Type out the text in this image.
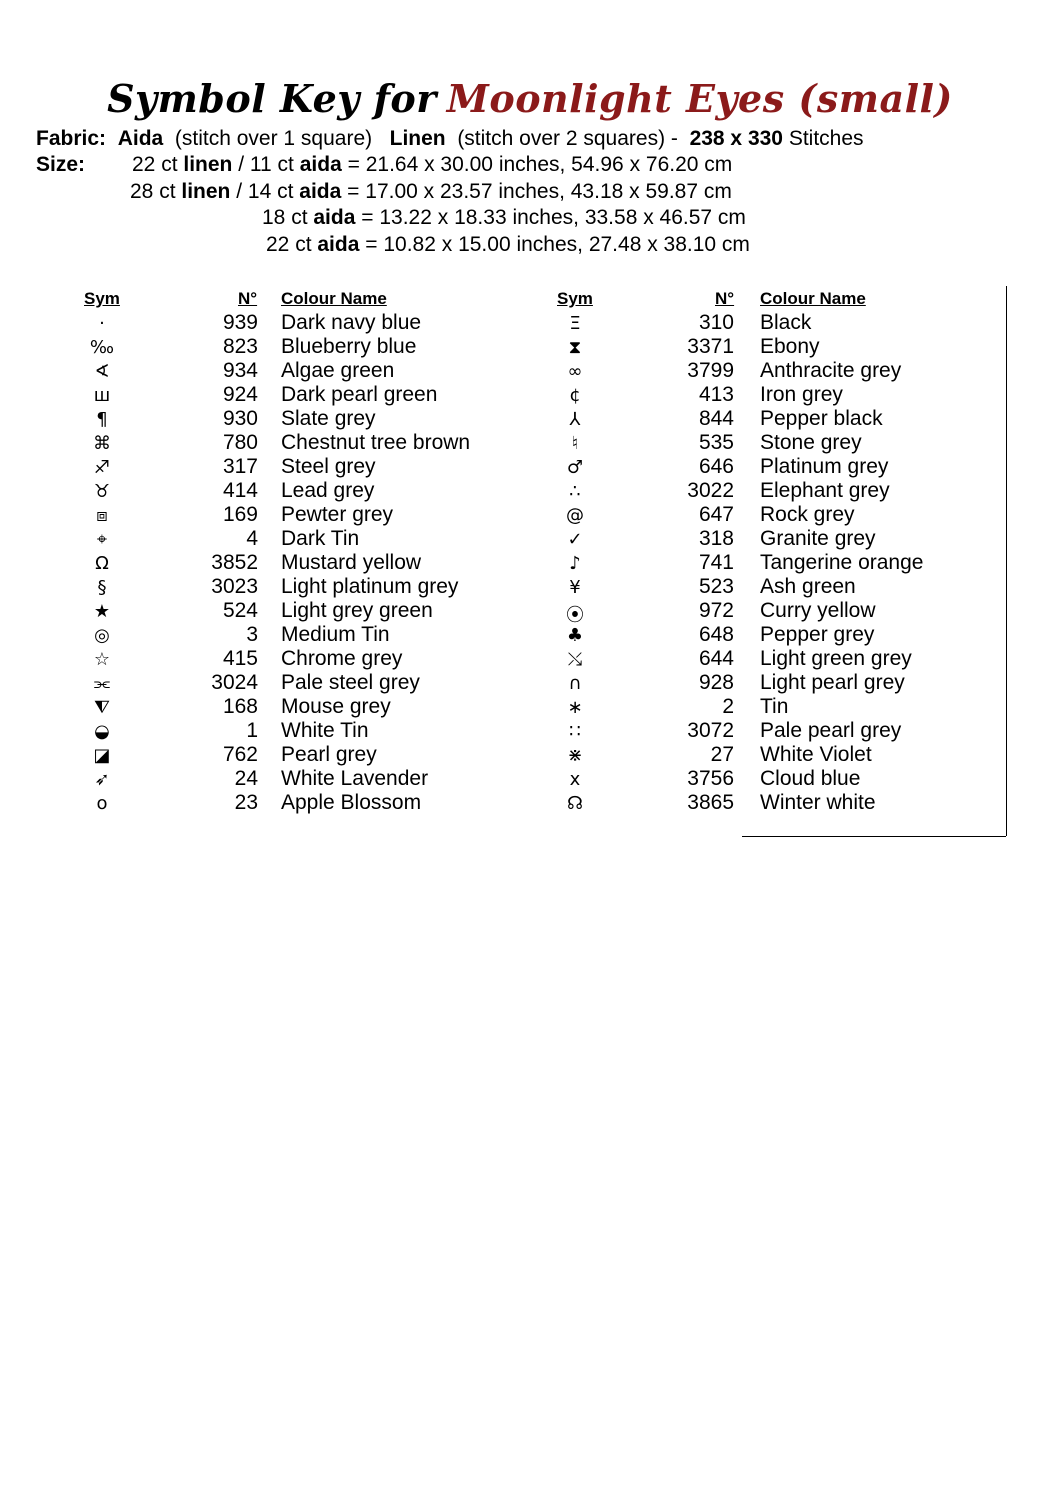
Symbol Key for Moonlight Eyes (small)
Fabric: Aida (stitch over 1 square) Linen (stitch over 2 squares) - 238 x 330 Stitches
Size: 22 ct linen / 11 ct aida = 21.64 x 30.00 inches, 54.96 x 76.20 cm
28 ct linen / 14 ct aida = 17.00 x 23.57 inches, 43.18 x 59.87 cm
18 ct aida = 13.22 x 18.33 inches, 33.58 x 46.57 cm
22 ct aida = 10.82 x 15.00 inches, 27.48 x 38.10 cm
Sym	N° Colour Name
·	939 Dark navy blue
‰	823 Blueberry blue
∢	934 Algae green
ш	924 Dark pearl green
¶	930 Slate grey
⌘	780 Chestnut tree brown
♐	317 Steel grey
♉	414 Lead grey
⧈	169 Pewter grey
⌖	4 Dark Tin
Ω	3852 Mustard yellow
§	3023 Light platinum grey
★	524 Light grey green
◎	3 Medium Tin
☆	415 Chrome grey
⫘	3024 Pale steel grey
⧨	168 Mouse grey
◒	1 White Tin
◪	762 Pearl grey
➶	24 White Lavender
o	23 Apple Blossom
Sym	N° Colour Name
Ξ	310 Black
⧗	3371 Ebony
∞	3799 Anthracite grey
¢	413 Iron grey
⅄	844 Pepper black
♮	535 Stone grey
♂	646 Platinum grey
∴	3022 Elephant grey
@	647 Rock grey
✓	318 Granite grey
♪	741 Tangerine orange
¥	523 Ash green
⦿	972 Curry yellow
♣	648 Pepper grey
⤯	644 Light green grey
∩	928 Light pearl grey
∗	2 Tin
∷	3072 Pale pearl grey
⋇	27 White Violet
x	3756 Cloud blue
☊	3865 Winter white
